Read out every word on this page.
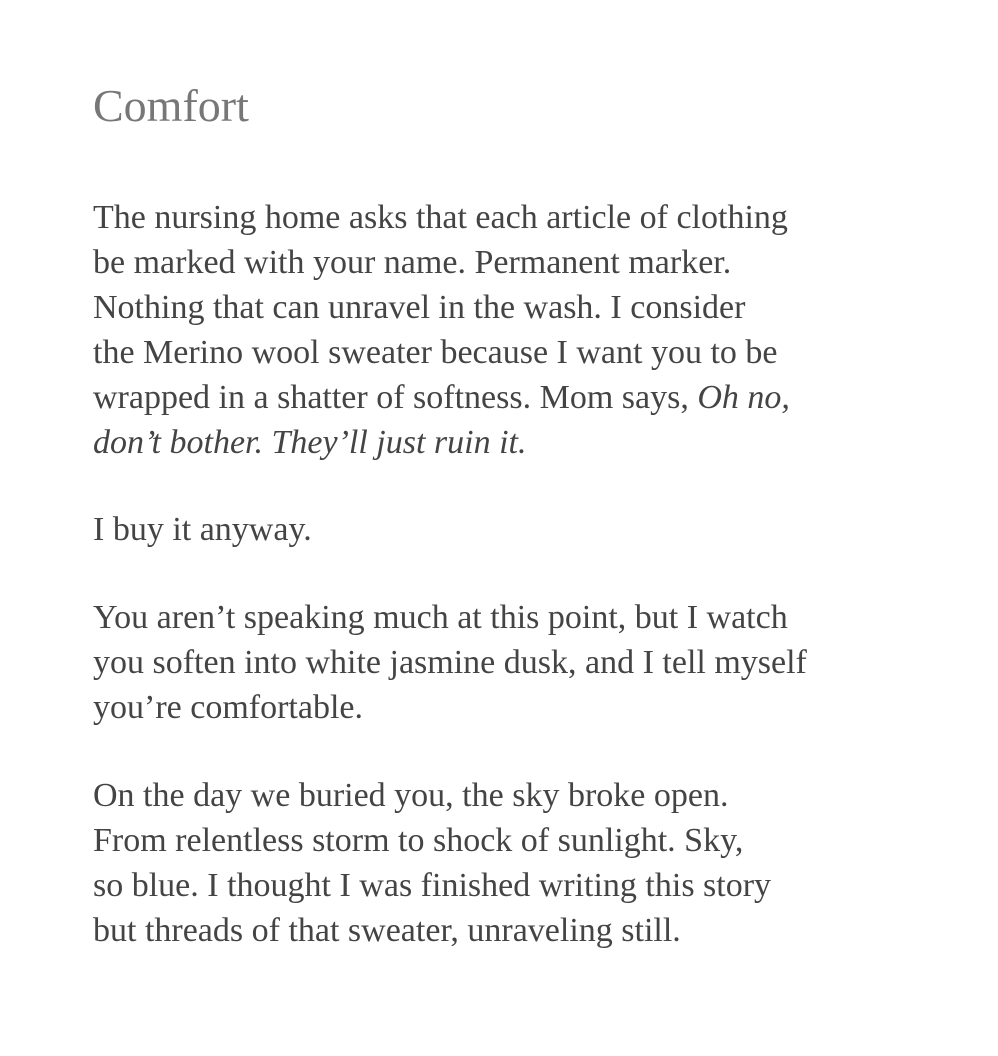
Comfort

The nursing home asks that each article of clothing
be marked with your name. Permanent marker.
Nothing that can unravel in the wash. I consider
the Merino wool sweater because I want you to be
wrapped in a shatter of softness. Mom says, Oh no,
don’t bother. They’ll just ruin it.

I buy it anyway.

You aren’t speaking much at this point, but I watch
you soften into white jasmine dusk, and I tell myself
you’re comfortable.

On the day we buried you, the sky broke open.
From relentless storm to shock of sunlight. Sky,
so blue. I thought I was finished writing this story
but threads of that sweater, unraveling still.
